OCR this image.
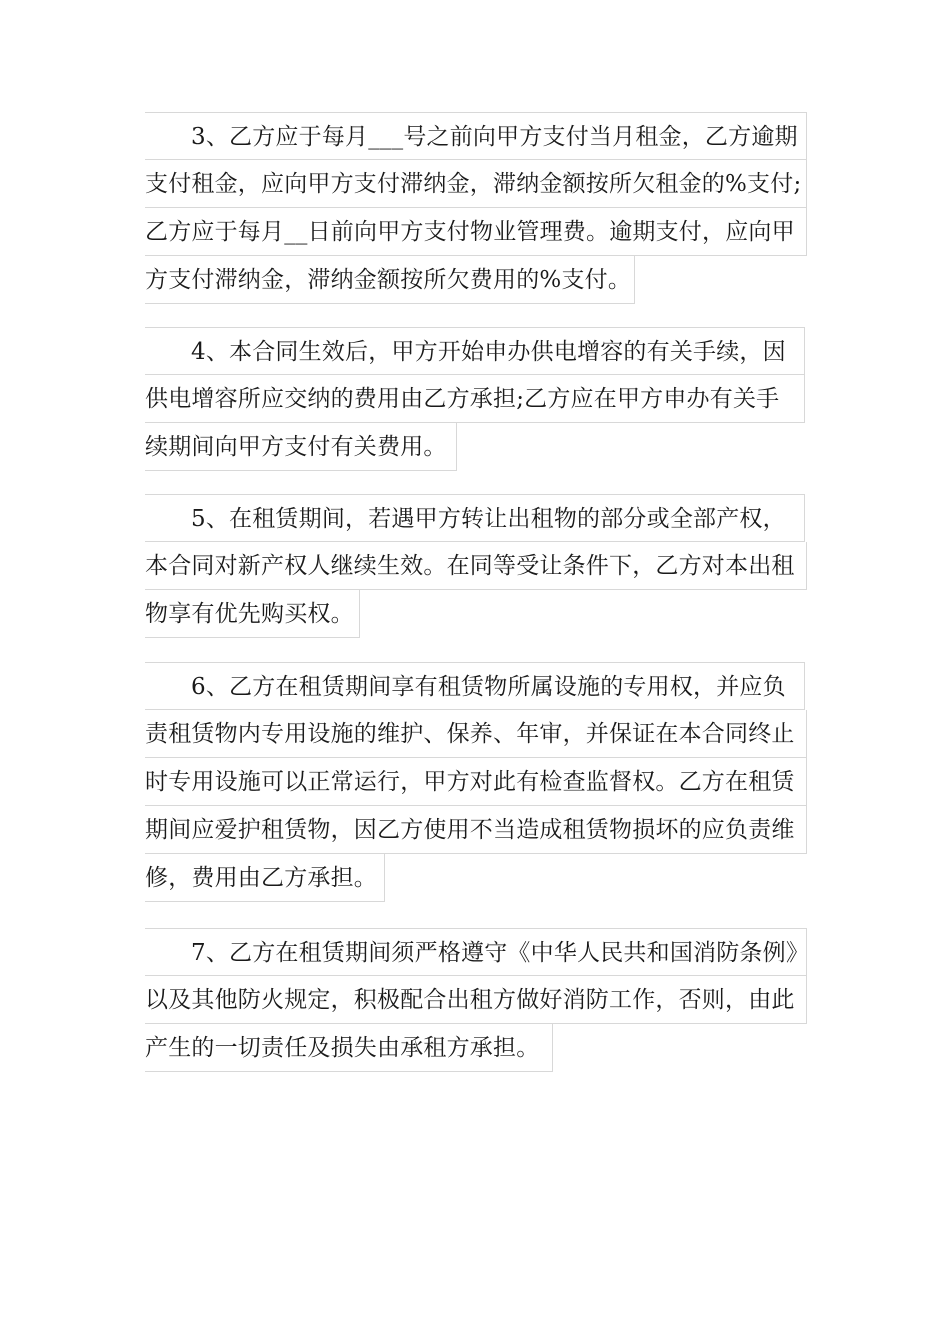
3、乙方应于每月___号之前向甲方支付当月租金，乙方逾期
支付租金，应向甲方支付滞纳金，滞纳金额按所欠租金的%支付;
乙方应于每月__日前向甲方支付物业管理费。逾期支付，应向甲
方支付滞纳金，滞纳金额按所欠费用的%支付。
4、本合同生效后，甲方开始申办供电增容的有关手续，因
供电增容所应交纳的费用由乙方承担;乙方应在甲方申办有关手
续期间向甲方支付有关费用。
5、在租赁期间，若遇甲方转让出租物的部分或全部产权，
本合同对新产权人继续生效。在同等受让条件下，乙方对本出租
物享有优先购买权。
6、乙方在租赁期间享有租赁物所属设施的专用权，并应负
责租赁物内专用设施的维护、保养、年审，并保证在本合同终止
时专用设施可以正常运行，甲方对此有检查监督权。乙方在租赁
期间应爱护租赁物，因乙方使用不当造成租赁物损坏的应负责维
修，费用由乙方承担。
7、乙方在租赁期间须严格遵守《中华人民共和国消防条例》
以及其他防火规定，积极配合出租方做好消防工作，否则，由此
产生的一切责任及损失由承租方承担。
